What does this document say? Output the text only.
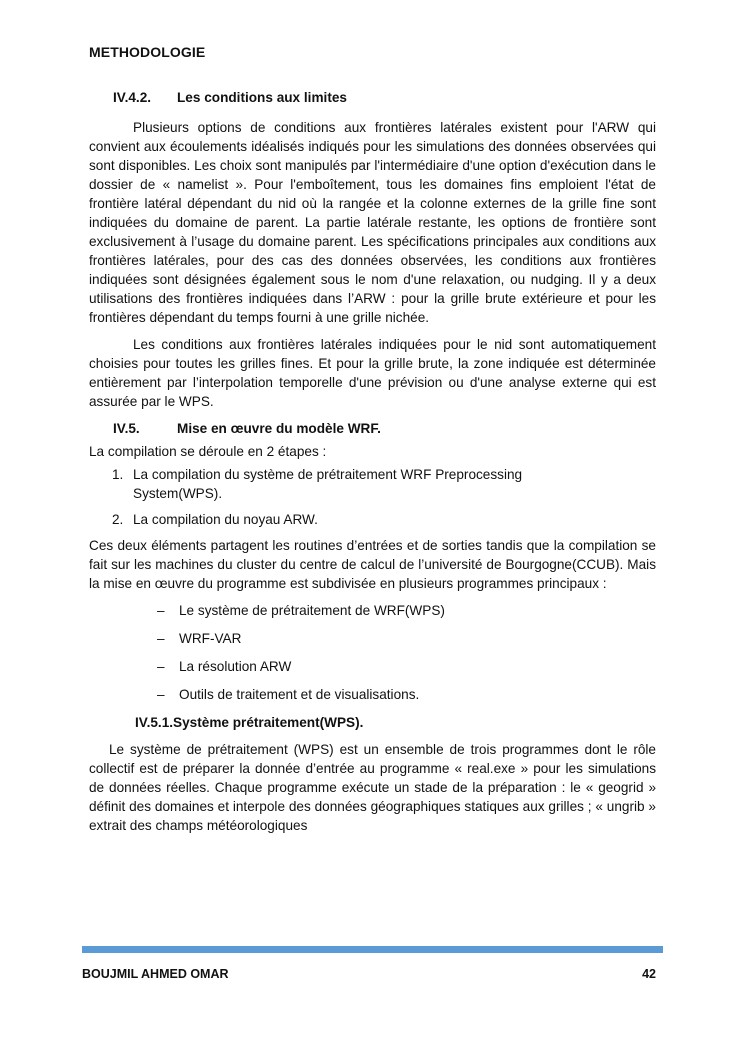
METHODOLOGIE
IV.4.2. Les conditions aux limites

Plusieurs options de conditions aux frontières latérales existent pour l'ARW qui convient aux écoulements idéalisés indiqués pour les simulations des données observées qui sont disponibles. Les choix sont manipulés par l'intermédiaire d'une option d'exécution dans le dossier de « namelist ». Pour l'emboîtement, tous les domaines fins emploient l'état de frontière latéral dépendant du nid où la rangée et la colonne externes de la grille fine sont indiquées du domaine de parent. La partie latérale restante, les options de frontière sont exclusivement à l’usage du domaine parent. Les spécifications principales aux conditions aux frontières latérales, pour des cas des données observées, les conditions aux frontières indiquées sont désignées également sous le nom d'une relaxation, ou nudging. Il y a deux utilisations des frontières indiquées dans l’ARW : pour la grille brute extérieure et pour les frontières dépendant du temps fourni à une grille nichée.

Les conditions aux frontières latérales indiquées pour le nid sont automatiquement choisies pour toutes les grilles fines. Et pour la grille brute, la zone indiquée est déterminée entièrement par l’interpolation temporelle d'une prévision ou d'une analyse externe qui est assurée par le WPS.

IV.5.	Mise en œuvre du modèle WRF.

La compilation se déroule en 2 étapes :

1. La compilation du système de prétraitement WRF Preprocessing System(WPS).
2. La compilation du noyau ARW.

Ces deux éléments partagent les routines d’entrées et de sorties tandis que la compilation se fait sur les machines du cluster du centre de calcul de l’université de Bourgogne(CCUB). Mais la mise en œuvre du programme est subdivisée en plusieurs programmes principaux :

– Le système de prétraitement de WRF(WPS)
– WRF-VAR
– La résolution ARW
– Outils de traitement et de visualisations.
IV.5.1.Système prétraitement(WPS).

Le système de prétraitement (WPS) est un ensemble de trois programmes dont le rôle collectif est de préparer la donnée d’entrée au programme « real.exe » pour les simulations de données réelles. Chaque programme exécute un stade de la préparation : le « geogrid » définit des domaines et interpole des données géographiques statiques aux grilles ; « ungrib » extrait des champs météorologiques

BOUJMIL AHMED OMAR	42
